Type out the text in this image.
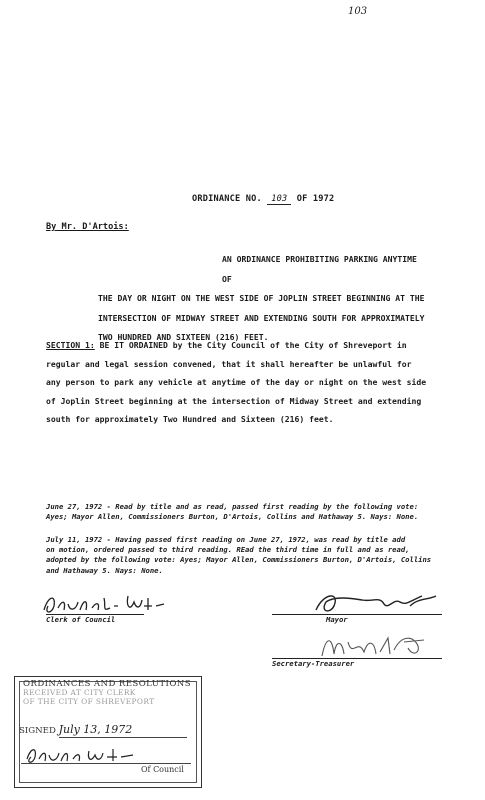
103
ORDINANCE NO. 103 OF 1972
By Mr. D'Artois:
AN ORDINANCE PROHIBITING PARKING ANYTIME OF
THE DAY OR NIGHT ON THE WEST SIDE OF JOPLIN STREET BEGINNING AT THE
INTERSECTION OF MIDWAY STREET AND EXTENDING SOUTH FOR APPROXIMATELY
TWO HUNDRED AND SIXTEEN (216) FEET.
SECTION 1: BE IT ORDAINED by the City Council of the City of Shreveport in
regular and legal session convened, that it shall hereafter be unlawful for
any person to park any vehicle at anytime of the day or night on the west side
of Joplin Street beginning at the intersection of Midway Street and extending
south for approximately Two Hundred and Sixteen (216) feet.
June 27, 1972 - Read by title and as read, passed first reading by the following vote:
Ayes; Mayor Allen, Commissioners Burton, D'Artois, Collins and Hathaway 5. Nays: None.
July 11, 1972 - Having passed first reading on June 27, 1972, was read by title add
on motion, ordered passed to third reading. REad the third time in full and as read,
adopted by the following vote: Ayes; Mayor Allen, Commissioners Burton, D'Artois, Collins
and Hathaway 5. Nays: None.
Clerk of Council	Mayor
Secretary-Treasurer
ORDINANCES AND RESOLUTIONS
RECEIVED AT CITY CLERK
OF THE CITY OF SHREVEPORT
SIGNED July 13, 1972
Of Council
